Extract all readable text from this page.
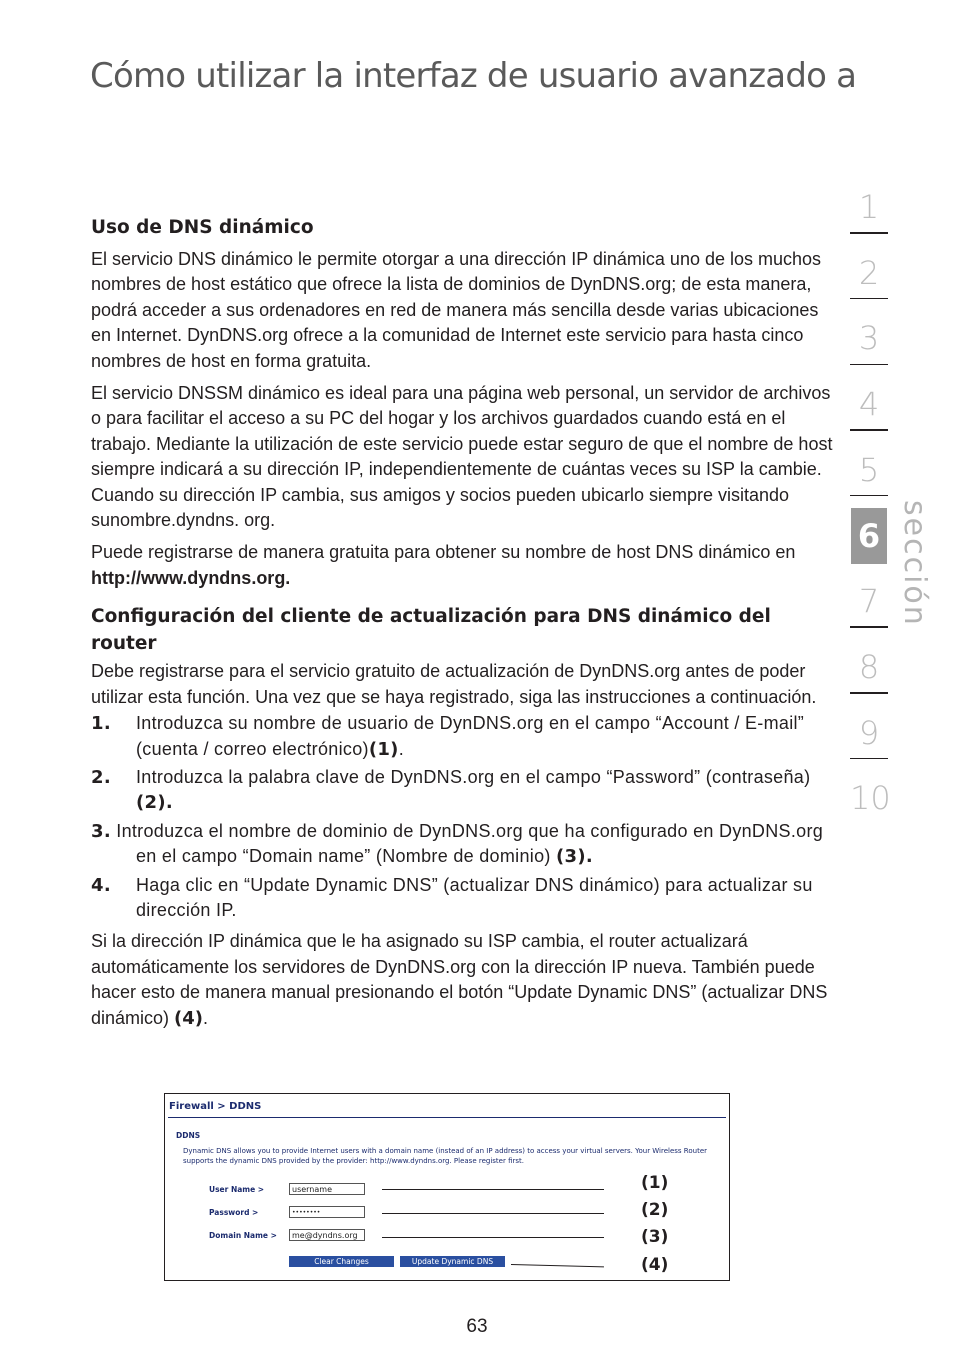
Cómo utilizar la interfaz de usuario avanzado a
Uso de DNS dinámico

El servicio DNS dinámico le permite otorgar a una dirección IP dinámica uno de los muchos nombres de host estático que ofrece la lista de dominios de DynDNS.org; de esta manera, podrá acceder a sus ordenadores en red de manera más sencilla desde varias ubicaciones en Internet. DynDNS.org ofrece a la comunidad de Internet este servicio para hasta cinco nombres de host en forma gratuita.

El servicio DNSSM dinámico es ideal para una página web personal, un servidor de archivos o para facilitar el acceso a su PC del hogar y los archivos guardados cuando está en el trabajo. Mediante la utilización de este servicio puede estar seguro de que el nombre de host siempre indicará a su dirección IP, independientemente de cuántas veces su ISP la cambie. Cuando su dirección IP cambia, sus amigos y socios pueden ubicarlo siempre visitando sunombre.dyndns. org.

Puede registrarse de manera gratuita para obtener su nombre de host DNS dinámico en http://www.dyndns.org.

Configuración del cliente de actualización para DNS dinámico del router

Debe registrarse para el servicio gratuito de actualización de DynDNS.org antes de poder utilizar esta función. Una vez que se haya registrado, siga las instrucciones a continuación.

1. Introduzca su nombre de usuario de DynDNS.org en el campo “Account / E-mail” (cuenta / correo electrónico)(1).
2. Introduzca la palabra clave de DynDNS.org en el campo “Password” (contraseña) (2).
3. Introduzca el nombre de dominio de DynDNS.org que ha configurado en DynDNS.org en el campo “Domain name” (Nombre de dominio) (3).
4. Haga clic en “Update Dynamic DNS” (actualizar DNS dinámico) para actualizar su dirección IP.

Si la dirección IP dinámica que le ha asignado su ISP cambia, el router actualizará automáticamente los servidores de DynDNS.org con la dirección IP nueva. También puede hacer esto de manera manual presionando el botón “Update Dynamic DNS” (actualizar DNS dinámico) (4).

1
2
3
4
5
6
7
8
9
10
sección
Firewall > DDNS
DDNS
Dynamic DNS allows you to provide Internet users with a domain name (instead of an IP address) to access your virtual servers. Your Wireless Router supports the dynamic DNS provided by the provider: http://www.dyndns.org. Please register first.
User Name >	username
Password >	••••••••
Domain Name >	me@dyndns.org
Clear Changes	Update Dynamic DNS
(1)
(2)
(3)
(4)
63
